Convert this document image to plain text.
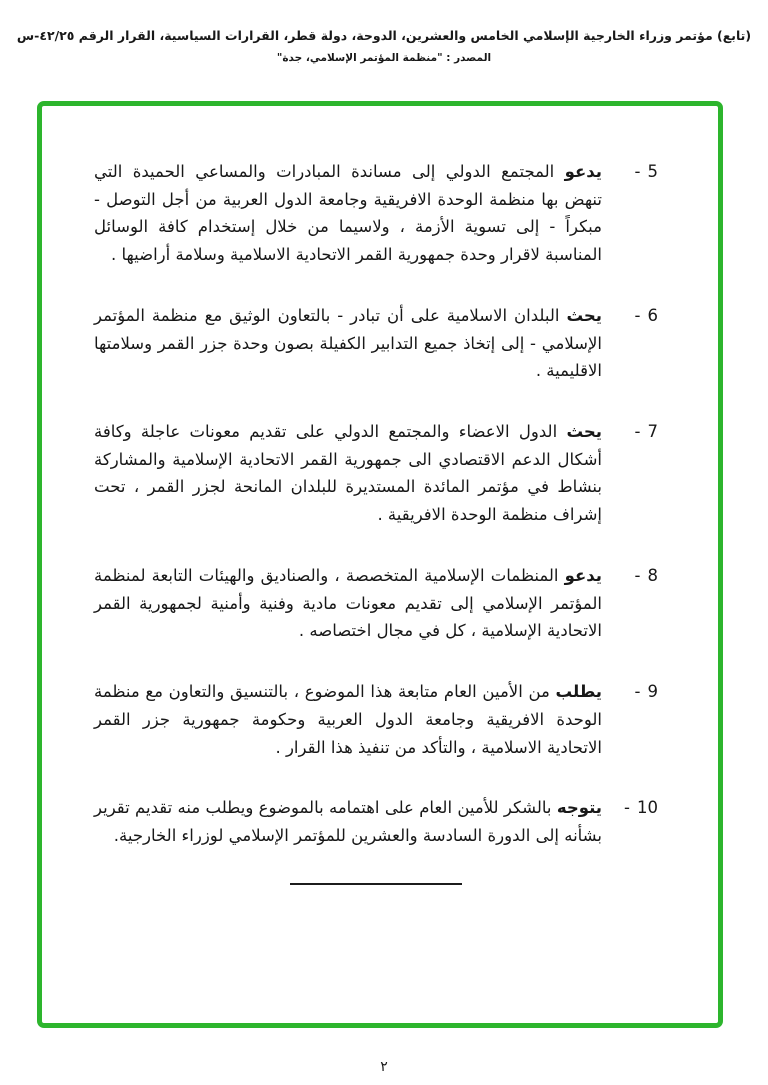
(تابع) مؤتمر وزراء الخارجية الإسلامي الخامس والعشرين، الدوحة، دولة قطر، القرارات السياسية، القرار الرقم ٤٢/٢٥-س
المصدر : "منظمة المؤتمر الإسلامي، جدة"
5
-

يدعو المجتمع الدولي إلى مساندة المبادرات والمساعي الحميدة التي تنهض بها منظمة الوحدة الافريقية وجامعة الدول العربية من أجل التوصل - مبكراً - إلى تسوية الأزمة ، ولاسيما من خلال إستخدام كافة الوسائل المناسبة لاقرار وحدة جمهورية القمر الاتحادية الاسلامية وسلامة أراضيها .

6
-

يحث البلدان الاسلامية على أن تبادر - بالتعاون الوثيق مع منظمة المؤتمر الإسلامي - إلى إتخاذ جميع التدابير الكفيلة بصون وحدة جزر القمر وسلامتها الاقليمية .

7
-

يحث الدول الاعضاء والمجتمع الدولي على تقديم معونات عاجلة وكافة أشكال الدعم الاقتصادي الى جمهورية القمر الاتحادية الإسلامية والمشاركة بنشاط في مؤتمر المائدة المستديرة للبلدان المانحة لجزر القمر ، تحت إشراف منظمة الوحدة الافريقية .

8
-

يدعو المنظمات الإسلامية المتخصصة ، والصناديق والهيئات التابعة لمنظمة المؤتمر الإسلامي إلى تقديم معونات مادية وفنية وأمنية لجمهورية القمر الاتحادية الإسلامية ، كل في مجال اختصاصه .

9
-

يطلب من الأمين العام متابعة هذا الموضوع ، بالتنسيق والتعاون مع منظمة الوحدة الافريقية وجامعة الدول العربية وحكومة جمهورية جزر القمر الاتحادية الاسلامية ، والتأكد من تنفيذ هذا القرار .

10
-

يتوجه بالشكر للأمين العام على اهتمامه بالموضوع ويطلب منه تقديم تقرير بشأنه إلى الدورة السادسة والعشرين للمؤتمر الإسلامي لوزراء الخارجية.

٢
